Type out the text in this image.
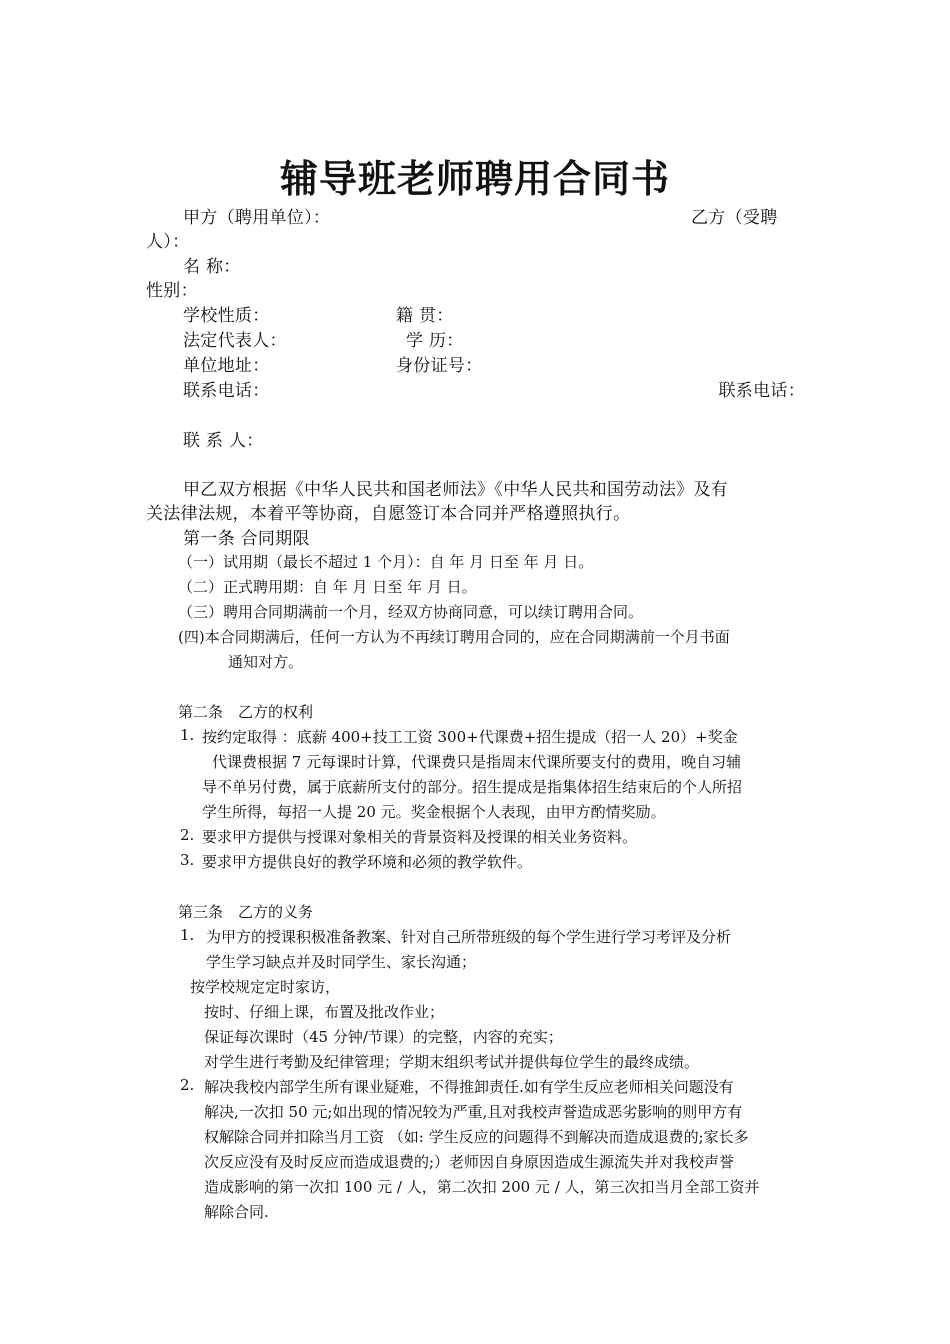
辅导班老师聘用合同书
甲方（聘用单位）：	乙方（受聘
人）：
名 称：
性别：
学校性质：	籍 贯：
法定代表人：	学 历：
单位地址：	身份证号：
联系电话：	联系电话：
联 系 人：
甲乙双方根据《中华人民共和国老师法》《中华人民共和国劳动法》及有
关法律法规，本着平等协商，自愿签订本合同并严格遵照执行。
第一条 合同期限
（一）试用期（最长不超过 1 个月）：自 年 月 日至 年 月 日。
（二）正式聘用期：自 年 月 日至 年 月 日。
（三）聘用合同期满前一个月，经双方协商同意，可以续订聘用合同。
(四)本合同期满后，任何一方认为不再续订聘用合同的，应在合同期满前一个月书面
通知对方。
第二条　乙方的权利
1. 按约定取得 ：底薪 400+技工工资 300+代课费+招生提成（招一人 20）+奖金
代课费根据 7 元每课时计算，代课费只是指周末代课所要支付的费用，晚自习辅
导不单另付费，属于底薪所支付的部分。招生提成是指集体招生结束后的个人所招
学生所得，每招一人提 20 元。奖金根据个人表现，由甲方酌情奖励。
2. 要求甲方提供与授课对象相关的背景资料及授课的相关业务资料。
3. 要求甲方提供良好的教学环境和必须的教学软件。
第三条　乙方的义务
1. 为甲方的授课积极准备教案、针对自己所带班级的每个学生进行学习考评及分析
学生学习缺点并及时同学生、家长沟通；
按学校规定定时家访，
按时、仔细上课，布置及批改作业；
保证每次课时（45 分钟/节课）的完整，内容的充实；
对学生进行考勤及纪律管理；学期末组织考试并提供每位学生的最终成绩。
2. 解决我校内部学生所有课业疑难，不得推卸责任.如有学生反应老师相关问题没有
解决,一次扣 50 元;如出现的情况较为严重,且对我校声誉造成恶劣影响的则甲方有
权解除合同并扣除当月工资 （如: 学生反应的问题得不到解决而造成退费的;家长多
次反应没有及时反应而造成退费的;）老师因自身原因造成生源流失并对我校声誉
造成影响的第一次扣 100 元 / 人，第二次扣 200 元 / 人，第三次扣当月全部工资并
解除合同.
